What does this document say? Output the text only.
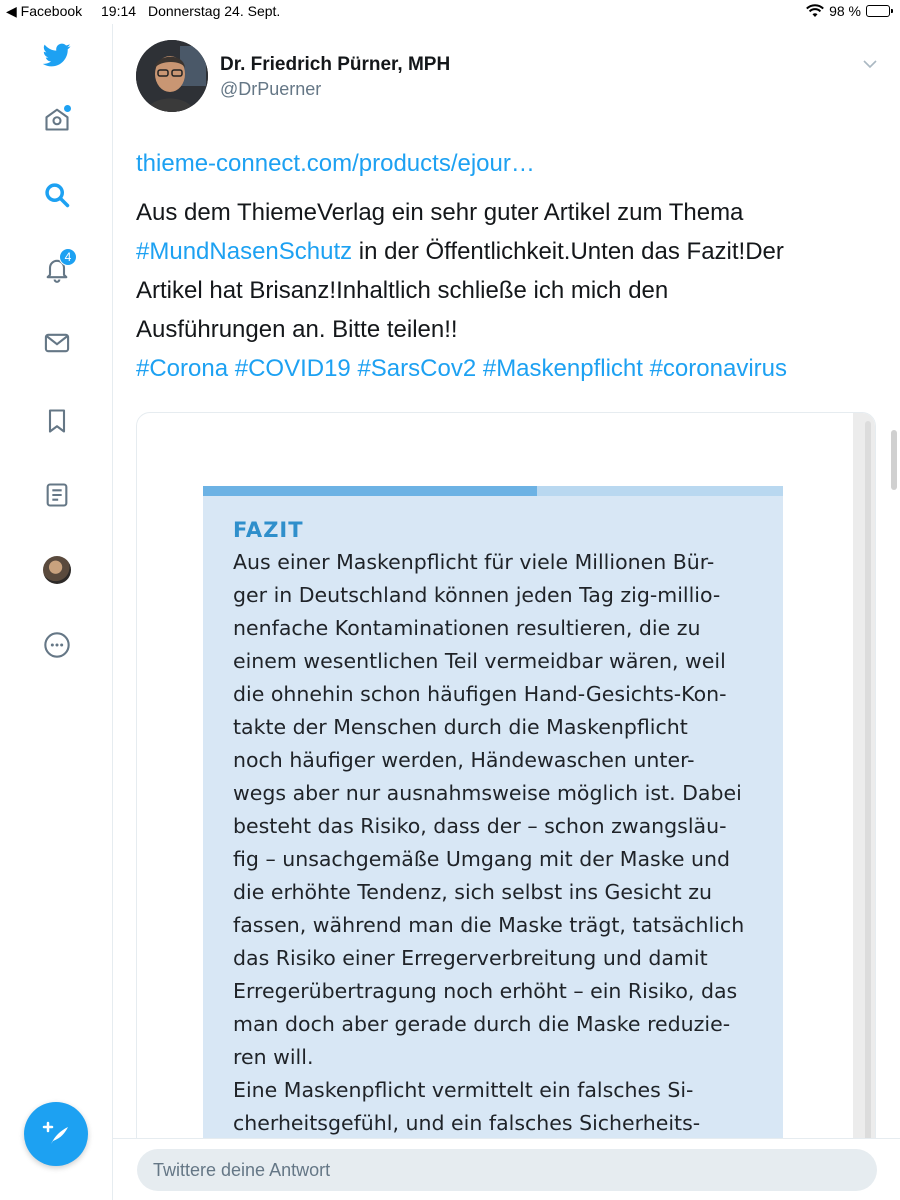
◀ Facebook 19:14 Donnerstag 24. Sept.	98 %
4
Dr. Friedrich Pürner, MPH
@DrPuerner
thieme-connect.com/products/ejour…
Aus dem ThiemeVerlag ein sehr guter Artikel zum Thema
#MundNasenSchutz in der Öffentlichkeit.Unten das Fazit!Der
Artikel hat Brisanz!Inhaltlich schließe ich mich den
Ausführungen an. Bitte teilen!!
#Corona #COVID19 #SarsCov2 #Maskenpflicht #coronavirus
FAZIT
Aus einer Maskenpflicht für viele Millionen Bür-
ger in Deutschland können jeden Tag zig-millio-
nenfache Kontaminationen resultieren, die zu
einem wesentlichen Teil vermeidbar wären, weil
die ohnehin schon häufigen Hand-Gesichts-Kon-
takte der Menschen durch die Maskenpflicht
noch häufiger werden, Händewaschen unter-
wegs aber nur ausnahmsweise möglich ist. Dabei
besteht das Risiko, dass der – schon zwangsläu-
fig – unsachgemäße Umgang mit der Maske und
die erhöhte Tendenz, sich selbst ins Gesicht zu
fassen, während man die Maske trägt, tatsächlich
das Risiko einer Erregerverbreitung und damit
Erregerübertragung noch erhöht – ein Risiko, das
man doch aber gerade durch die Maske reduzie-
ren will.
Eine Maskenpflicht vermittelt ein falsches Si-
cherheitsgefühl, und ein falsches Sicherheits-
Twittere deine Antwort
